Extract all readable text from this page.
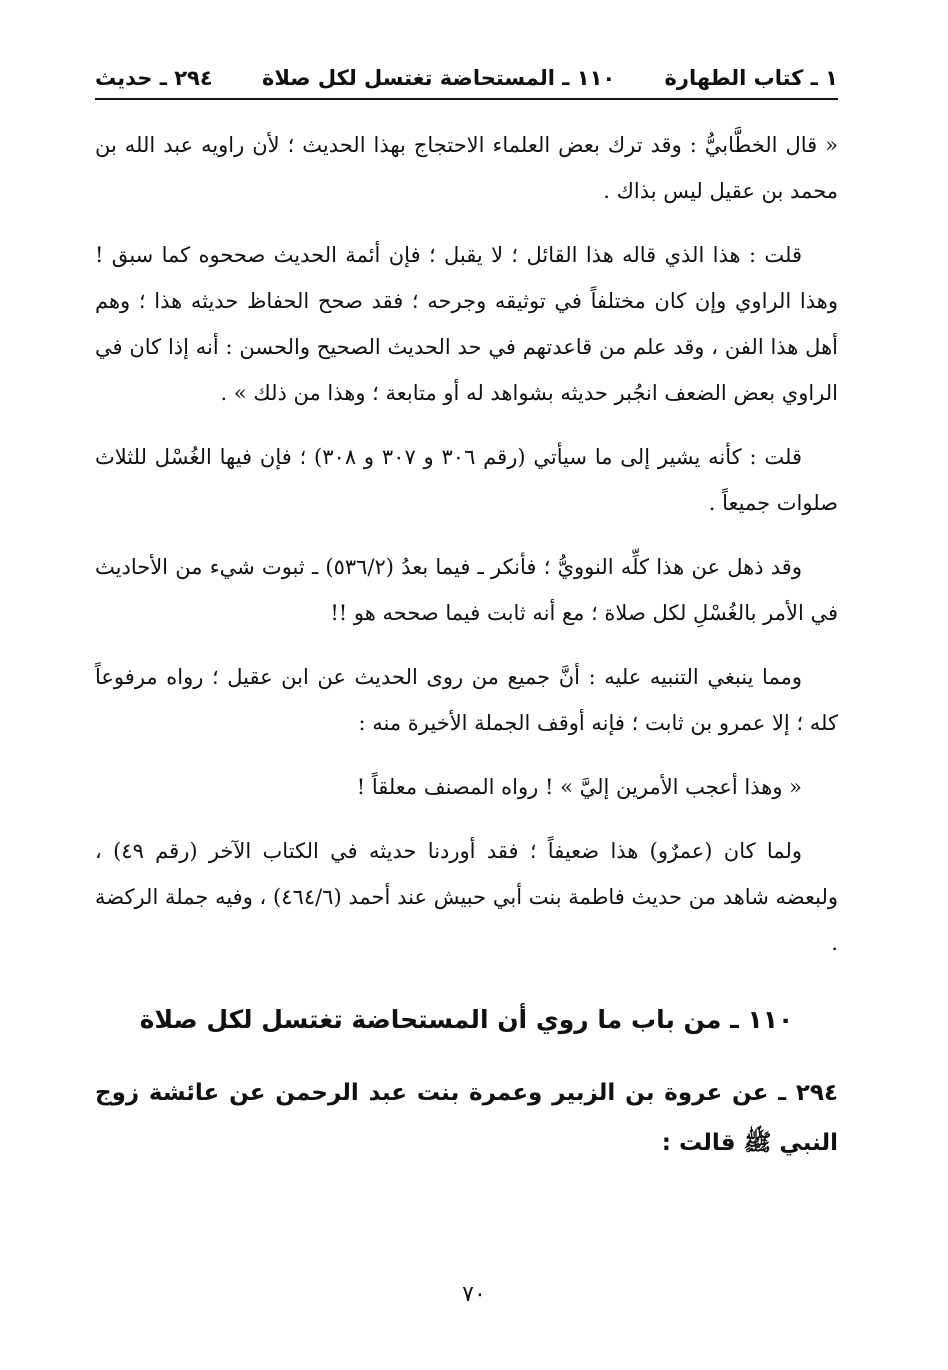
١ ـ كتاب الطهارة
١١٠ ـ المستحاضة تغتسل لكل صلاة
٢٩٤ ـ حديث

« قال الخطَّابيُّ : وقد ترك بعض العلماء الاحتجاج بهذا الحديث ؛ لأن راويه عبد الله بن محمد بن عقيل ليس بذاك .

قلت : هذا الذي قاله هذا القائل ؛ لا يقبل ؛ فإن أئمة الحديث صححوه كما سبق ! وهذا الراوي وإن كان مختلفاً في توثيقه وجرحه ؛ فقد صحح الحفاظ حديثه هذا ؛ وهم أهل هذا الفن ، وقد علم من قاعدتهم في حد الحديث الصحيح والحسن : أنه إذا كان في الراوي بعض الضعف انجُبر حديثه بشواهد له أو متابعة ؛ وهذا من ذلك » .

قلت : كأنه يشير إلى ما سيأتي (رقم ٣٠٦ و ٣٠٧ و ٣٠٨) ؛ فإن فيها الغُسْل للثلاث صلوات جميعاً .

وقد ذهل عن هذا كلِّه النوويُّ ؛ فأنكر ـ فيما بعدُ (٥٣٦/٢) ـ ثبوت شيء من الأحاديث في الأمر بالغُسْلِ لكل صلاة ؛ مع أنه ثابت فيما صححه هو !!

ومما ينبغي التنبيه عليه : أنَّ جميع من روى الحديث عن ابن عقيل ؛ رواه مرفوعاً كله ؛ إلا عمرو بن ثابت ؛ فإنه أوقف الجملة الأخيرة منه :

« وهذا أعجب الأمرين إليَّ » ! رواه المصنف معلقاً !

ولما كان (عمرٌو) هذا ضعيفاً ؛ فقد أوردنا حديثه في الكتاب الآخر (رقم ٤٩) ، ولبعضه شاهد من حديث فاطمة بنت أبي حبيش عند أحمد (٤٦٤/٦) ، وفيه جملة الركضة .

١١٠ ـ من باب ما روي أن المستحاضة تغتسل لكل صلاة
٢٩٤ ـ عن عروة بن الزبير وعمرة بنت عبد الرحمن عن عائشة زوج النبي ﷺ قالت :
٧٠
